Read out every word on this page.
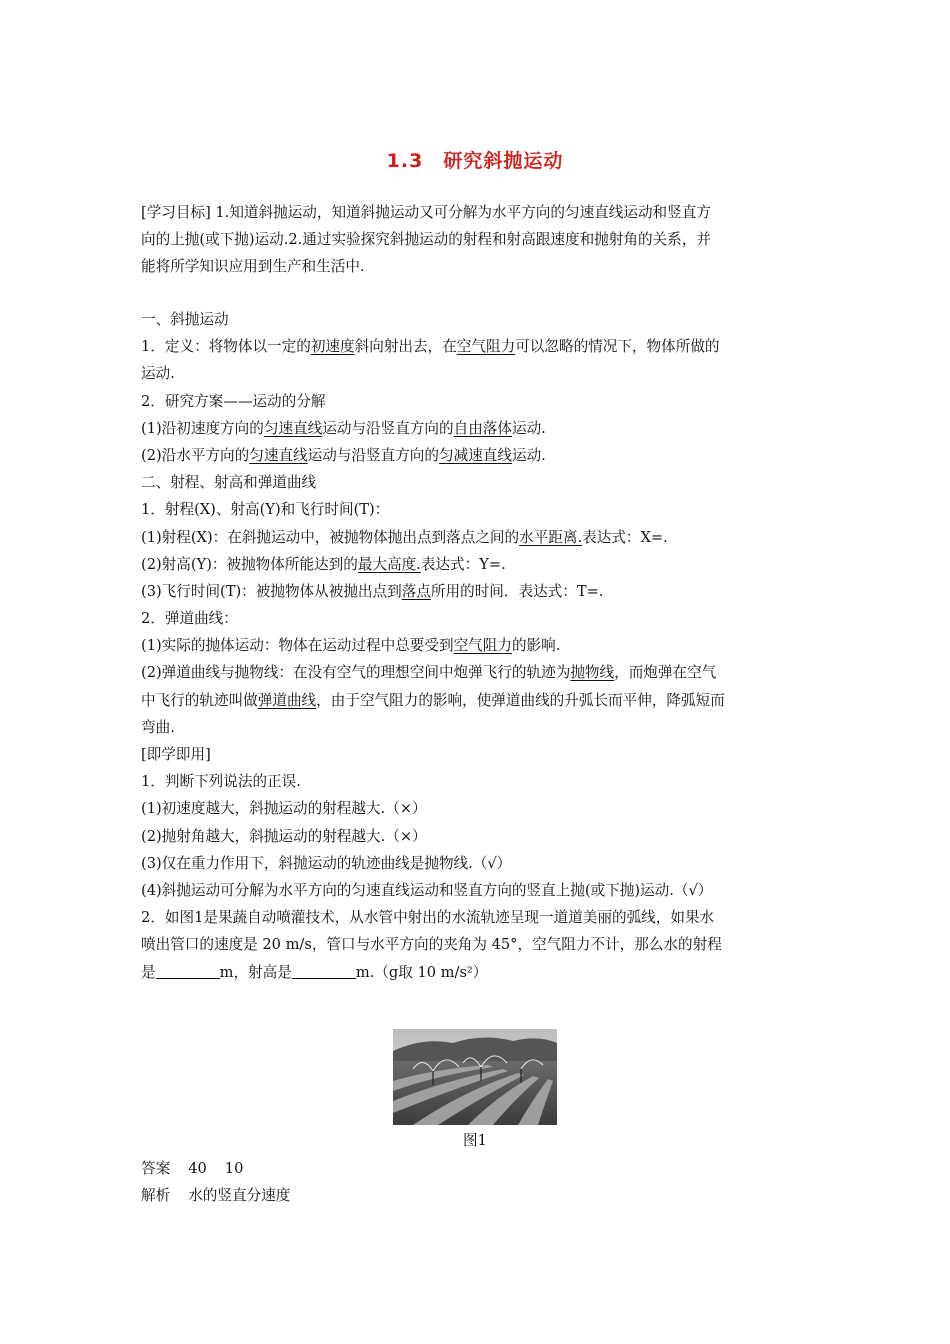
1.3 研究斜抛运动
[学习目标] 1.知道斜抛运动，知道斜抛运动又可分解为水平方向的匀速直线运动和竖直方
向的上抛(或下抛)运动.2.通过实验探究斜抛运动的射程和射高跟速度和抛射角的关系，并
能将所学知识应用到生产和生活中.
一、斜抛运动
1．定义：将物体以一定的初速度斜向射出去，在空气阻力可以忽略的情况下，物体所做的
运动.
2．研究方案——运动的分解
(1)沿初速度方向的匀速直线运动与沿竖直方向的自由落体运动.
(2)沿水平方向的匀速直线运动与沿竖直方向的匀减速直线运动.
二、射程、射高和弹道曲线
1．射程(X)、射高(Y)和飞行时间(T)：
(1)射程(X)：在斜抛运动中，被抛物体抛出点到落点之间的水平距离.表达式：X=.
(2)射高(Y)：被抛物体所能达到的最大高度.表达式：Y=.
(3)飞行时间(T)：被抛物体从被抛出点到落点所用的时间．表达式：T=.
2．弹道曲线：
(1)实际的抛体运动：物体在运动过程中总要受到空气阻力的影响.
(2)弹道曲线与抛物线：在没有空气的理想空间中炮弹飞行的轨迹为抛物线，而炮弹在空气
中飞行的轨迹叫做弹道曲线，由于空气阻力的影响，使弹道曲线的升弧长而平伸，降弧短而
弯曲.
[即学即用]
1．判断下列说法的正误.
(1)初速度越大，斜抛运动的射程越大.（×）
(2)抛射角越大，斜抛运动的射程越大.（×）
(3)仅在重力作用下，斜抛运动的轨迹曲线是抛物线.（√）
(4)斜抛运动可分解为水平方向的匀速直线运动和竖直方向的竖直上抛(或下抛)运动.（√）
2．如图1是果蔬自动喷灌技术，从水管中射出的水流轨迹呈现一道道美丽的弧线，如果水
喷出管口的速度是 20 m/s，管口与水平方向的夹角为 45°，空气阻力不计，那么水的射程
是	m，射高是	m.（g取 10 m/s²）
图1
答案 40 10
解析 水的竖直分速度
